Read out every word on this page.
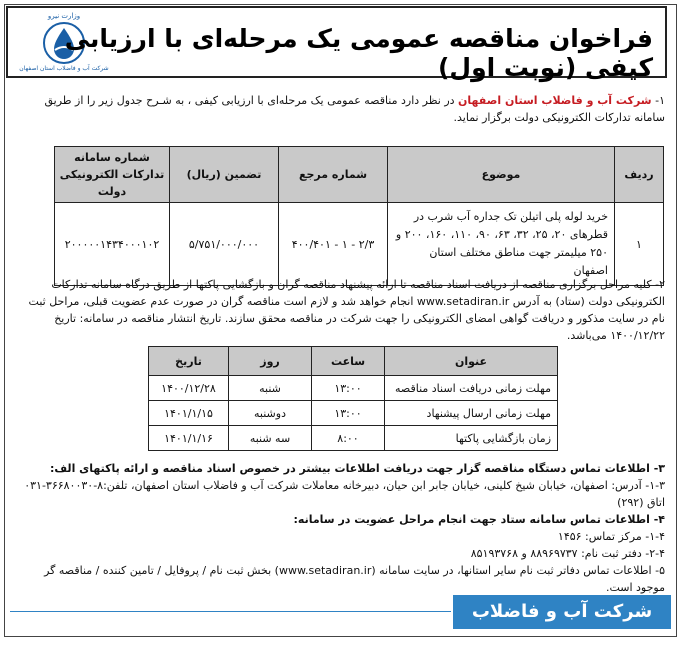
وزارت نیرو
شرکت آب و فاضلاب استان اصفهان
فراخوان مناقصه عمومی یک مرحله‌ای با ارزیابی کیفی (نوبت اول)
۱- شرکت آب و فاضلاب استان اصفهان در نظر دارد مناقصه عمومی یک مرحله‌ای با ارزیابی کیفی ، به شـرح جدول زیر را از طریق سامانه تدارکات الکترونیکی دولت برگزار نماید.
ردیف	موضوع	شماره مرجع	تضمین (ریال)	شماره سامانه تدارکات الکترونیکی دولت
۱	خرید لوله پلی اتیلن تک جداره آب شرب در قطرهای ۲۰، ۲۵، ۳۲، ۶۳، ۹۰، ۱۱۰، ۱۶۰، ۲۰۰ و ۲۵۰ میلیمتر جهت مناطق مختلف استان اصفهان	۲/۳ - ۱ - ۴۰۰/۴۰۱	۵/۷۵۱/۰۰۰/۰۰۰	۲۰۰۰۰۰۱۴۳۴۰۰۰۱۰۲
۲- کلیه مراحل برگزاری مناقصه از دریافت اسناد مناقصه تا ارائه پیشنهاد مناقصه گران و بازگشایی پاکتها از طریق درگاه سامانه تدارکات الکترونیکی دولت (ستاد) به آدرس www.setadiran.ir انجام خواهد شد و لازم است مناقصه گران در صورت عدم عضویت قبلی، مراحل ثبت نام در سایت مذکور و دریافت گواهی امضای الکترونیکی را جهت شرکت در مناقصه محقق سازند. تاریخ انتشار مناقصه در سامانه: تاریخ ۱۴۰۰/۱۲/۲۲ می‌باشد.
عنوان	ساعت	روز	تاریخ
مهلت زمانی دریافت اسناد مناقصه	۱۳:۰۰	شنبه	۱۴۰۰/۱۲/۲۸
مهلت زمانی ارسال پیشنهاد	۱۳:۰۰	دوشنبه	۱۴۰۱/۱/۱۵
زمان بازگشایی پاکتها	۸:۰۰	سه شنبه	۱۴۰۱/۱/۱۶
۳- اطلاعات تماس دستگاه مناقصه گزار جهت دریافت اطلاعات بیشتر در خصوص اسناد مناقصه و ارائه پاکتهای الف:
۱-۳- آدرس: اصفهان، خیابان شیخ کلینی، خیابان جابر ابن حیان، دبیرخانه معاملات شرکت آب و فاضلاب استان اصفهان، تلفن:۸-۳۶۶۸۰۰۳۰-۰۳۱ اتاق (۲۹۲)
۴- اطلاعات تماس سامانه ستاد جهت انجام مراحل عضویت در سامانه:
۱-۴- مرکز تماس: ۱۴۵۶
۲-۴- دفتر ثبت نام: ۸۸۹۶۹۷۳۷ و ۸۵۱۹۳۷۶۸
۵- اطلاعات تماس دفاتر ثبت نام سایر استانها، در سایت سامانه (www.setadiran.ir) بخش ثبت نام / پروفایل / تامین کننده / مناقصه گر موجود است.
شرکت آب و فاضلاب
